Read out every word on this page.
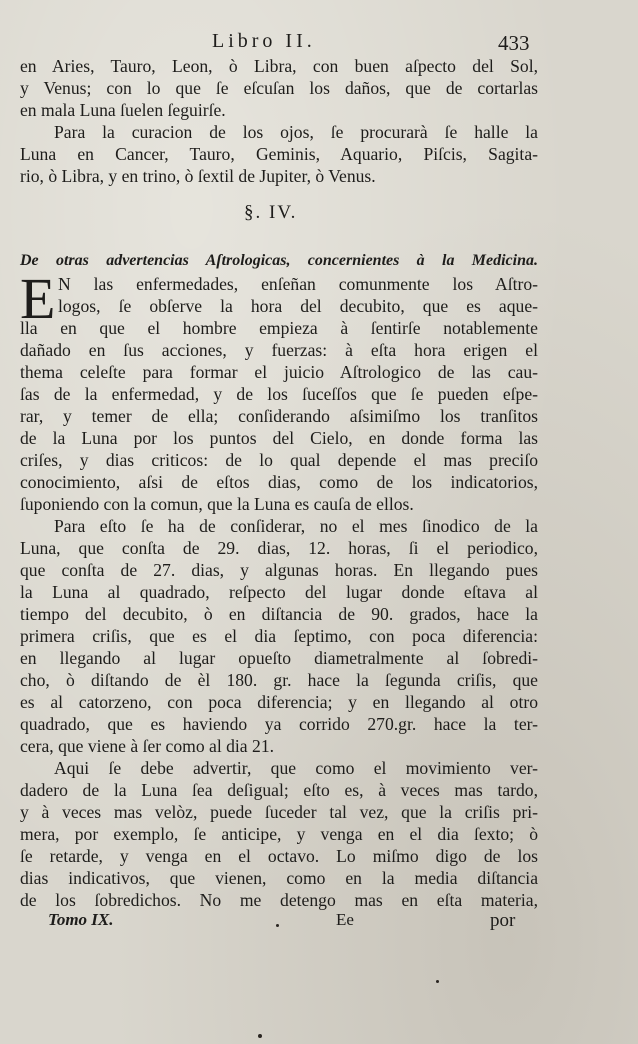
Libro II.	433
en Aries, Tauro, Leon, ò Libra, con buen aſpecto del Sol,
y Venus; con lo que ſe eſcuſan los daños, que de cortarlas
en mala Luna ſuelen ſeguirſe.
Para la curacion de los ojos, ſe procurarà ſe halle la
Luna en Cancer, Tauro, Geminis, Aquario, Piſcis, Sagita-
rio, ò Libra, y en trino, ò ſextil de Jupiter, ò Venus.
§. IV.
De otras advertencias Aſtrologicas, concernientes à la Medicina.
E N las enfermedades, enſeñan comunmente los Aſtro-
logos, ſe obſerve la hora del decubito, que es aque-
lla en que el hombre empieza à ſentirſe notablemente
dañado en ſus acciones, y fuerzas: à eſta hora erigen el
thema celeſte para formar el juicio Aſtrologico de las cau-
ſas de la enfermedad, y de los ſuceſſos que ſe pueden eſpe-
rar, y temer de ella; conſiderando aſsimiſmo los tranſitos
de la Luna por los puntos del Cielo, en donde forma las
criſes, y dias criticos: de lo qual depende el mas preciſo
conocimiento, aſsi de eſtos dias, como de los indicatorios,
ſuponiendo con la comun, que la Luna es cauſa de ellos.
Para eſto ſe ha de conſiderar, no el mes ſinodico de la
Luna, que conſta de 29. dias, 12. horas, ſi el periodico,
que conſta de 27. dias, y algunas horas. En llegando pues
la Luna al quadrado, reſpecto del lugar donde eſtava al
tiempo del decubito, ò en diſtancia de 90. grados, hace la
primera criſis, que es el dia ſeptimo, con poca diferencia:
en llegando al lugar opueſto diametralmente al ſobredi-
cho, ò diſtando de èl 180. gr. hace la ſegunda criſis, que
es al catorzeno, con poca diferencia; y en llegando al otro
quadrado, que es haviendo ya corrido 270.gr. hace la ter-
cera, que viene à ſer como al dia 21.
Aqui ſe debe advertir, que como el movimiento ver-
dadero de la Luna ſea deſigual; eſto es, à veces mas tardo,
y à veces mas velòz, puede ſuceder tal vez, que la criſis pri-
mera, por exemplo, ſe anticipe, y venga en el dia ſexto; ò
ſe retarde, y venga en el octavo. Lo miſmo digo de los
dias indicativos, que vienen, como en la media diſtancia
de los ſobredichos. No me detengo mas en eſta materia,
Tomo IX.	Ee	por
